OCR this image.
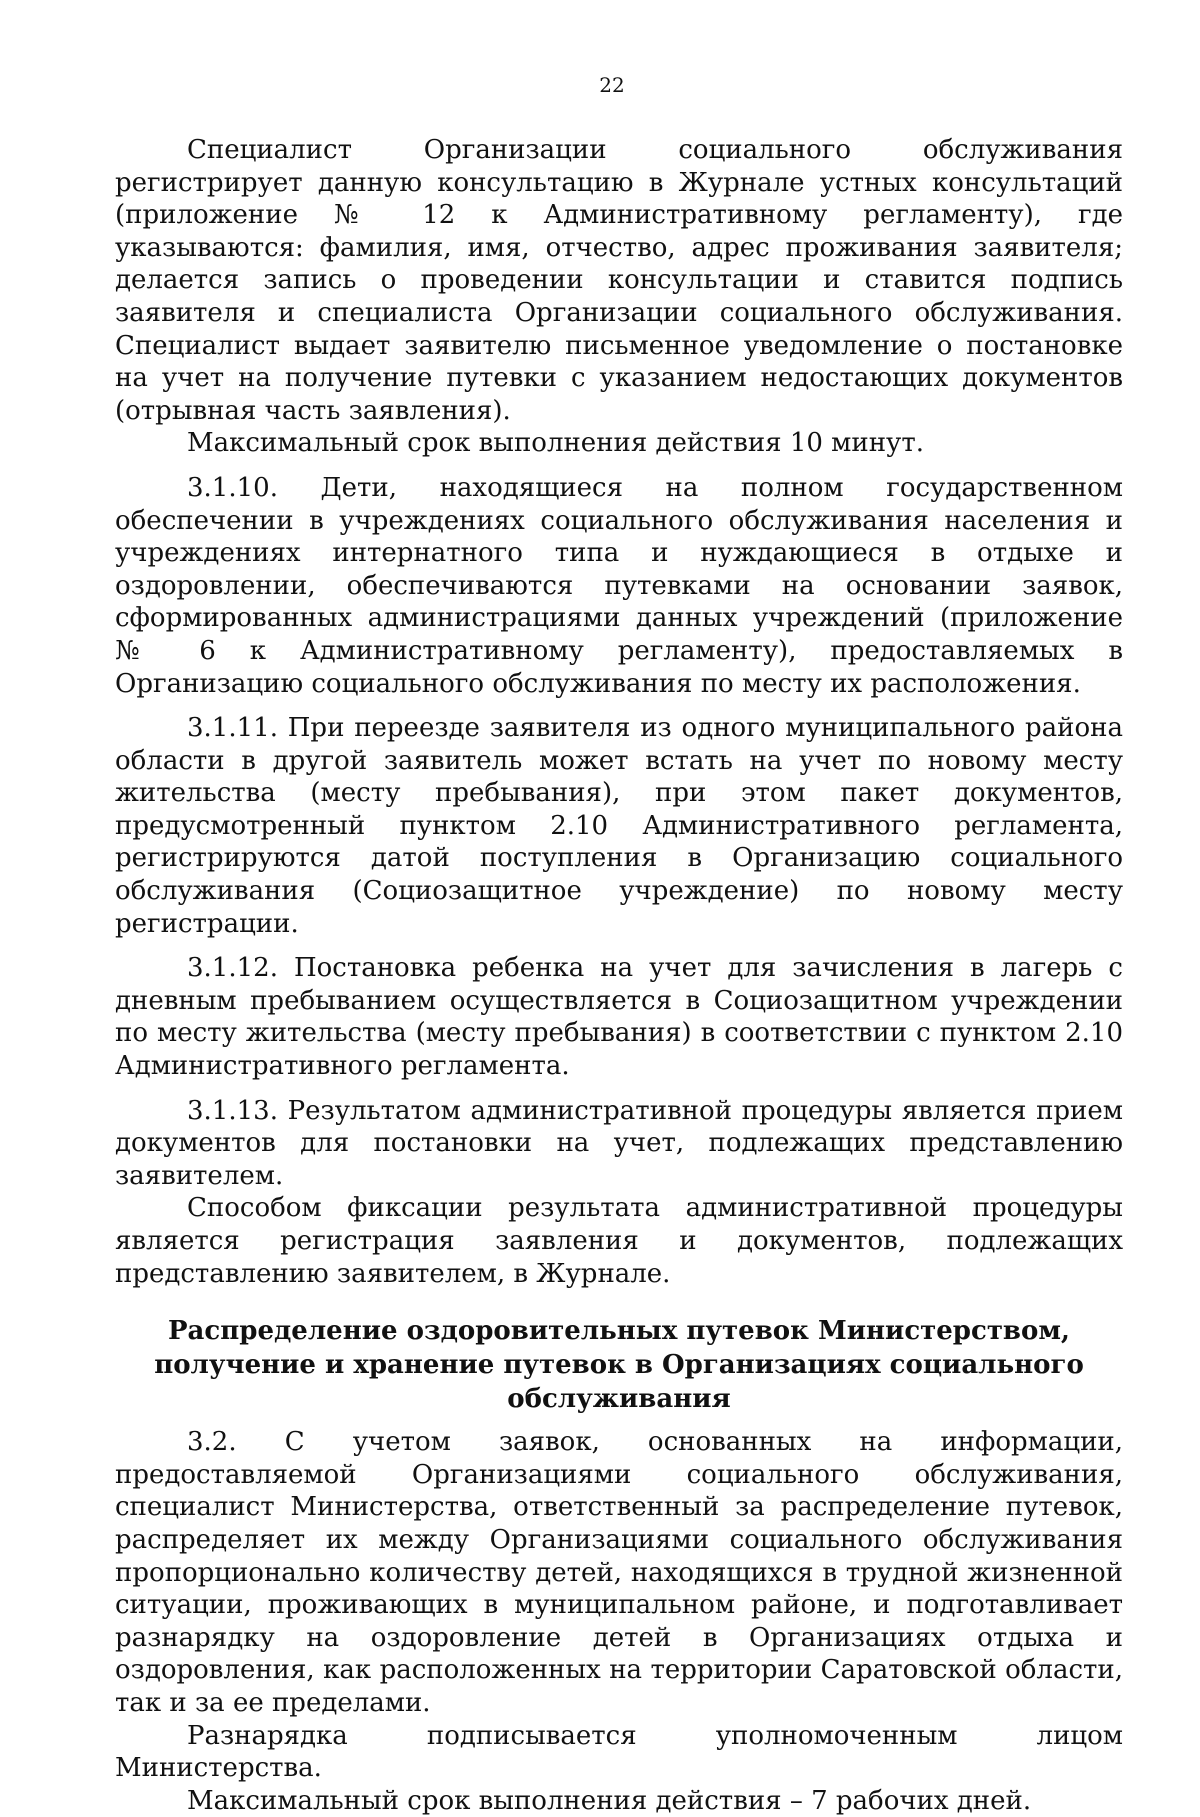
22

Специалист Организации социального обслуживания регистрирует данную консультацию в Журнале устных консультаций (приложение № 12 к Административному регламенту), где указываются: фамилия, имя, отчество, адрес проживания заявителя; делается запись о проведении консультации и ставится подпись заявителя и специалиста Организации социального обслуживания. Специалист выдает заявителю письменное уведомление о постановке на учет на получение путевки с указанием недостающих документов (отрывная часть заявления).

Максимальный срок выполнения действия 10 минут.

3.1.10. Дети, находящиеся на полном государственном обеспечении в учреждениях социального обслуживания населения и учреждениях интернатного типа и нуждающиеся в отдыхе и оздоровлении, обеспечиваются путевками на основании заявок, сформированных администрациями данных учреждений (приложение № 6 к Административному регламенту), предоставляемых в Организацию социального обслуживания по месту их расположения.

3.1.11. При переезде заявителя из одного муниципального района области в другой заявитель может встать на учет по новому месту жительства (месту пребывания), при этом пакет документов, предусмотренный пунктом 2.10 Административного регламента, регистрируются датой поступления в Организацию социального обслуживания (Социозащитное учреждение) по новому месту регистрации.

3.1.12. Постановка ребенка на учет для зачисления в лагерь с дневным пребыванием осуществляется в Социозащитном учреждении по месту жительства (месту пребывания) в соответствии с пунктом 2.10 Административного регламента.

3.1.13. Результатом административной процедуры является прием документов для постановки на учет, подлежащих представлению заявителем.

Способом фиксации результата административной процедуры является регистрация заявления и документов, подлежащих представлению заявителем, в Журнале.

Распределение оздоровительных путевок Министерством, получение и хранение путевок в Организациях социального обслуживания

3.2. С учетом заявок, основанных на информации, предоставляемой Организациями социального обслуживания, специалист Министерства, ответственный за распределение путевок, распределяет их между Организациями социального обслуживания пропорционально количеству детей, находящихся в трудной жизненной ситуации, проживающих в муниципальном районе, и подготавливает разнарядку на оздоровление детей в Организациях отдыха и оздоровления, как расположенных на территории Саратовской области, так и за ее пределами.

Разнарядка подписывается уполномоченным лицом Министерства.

Максимальный срок выполнения действия – 7 рабочих дней.
